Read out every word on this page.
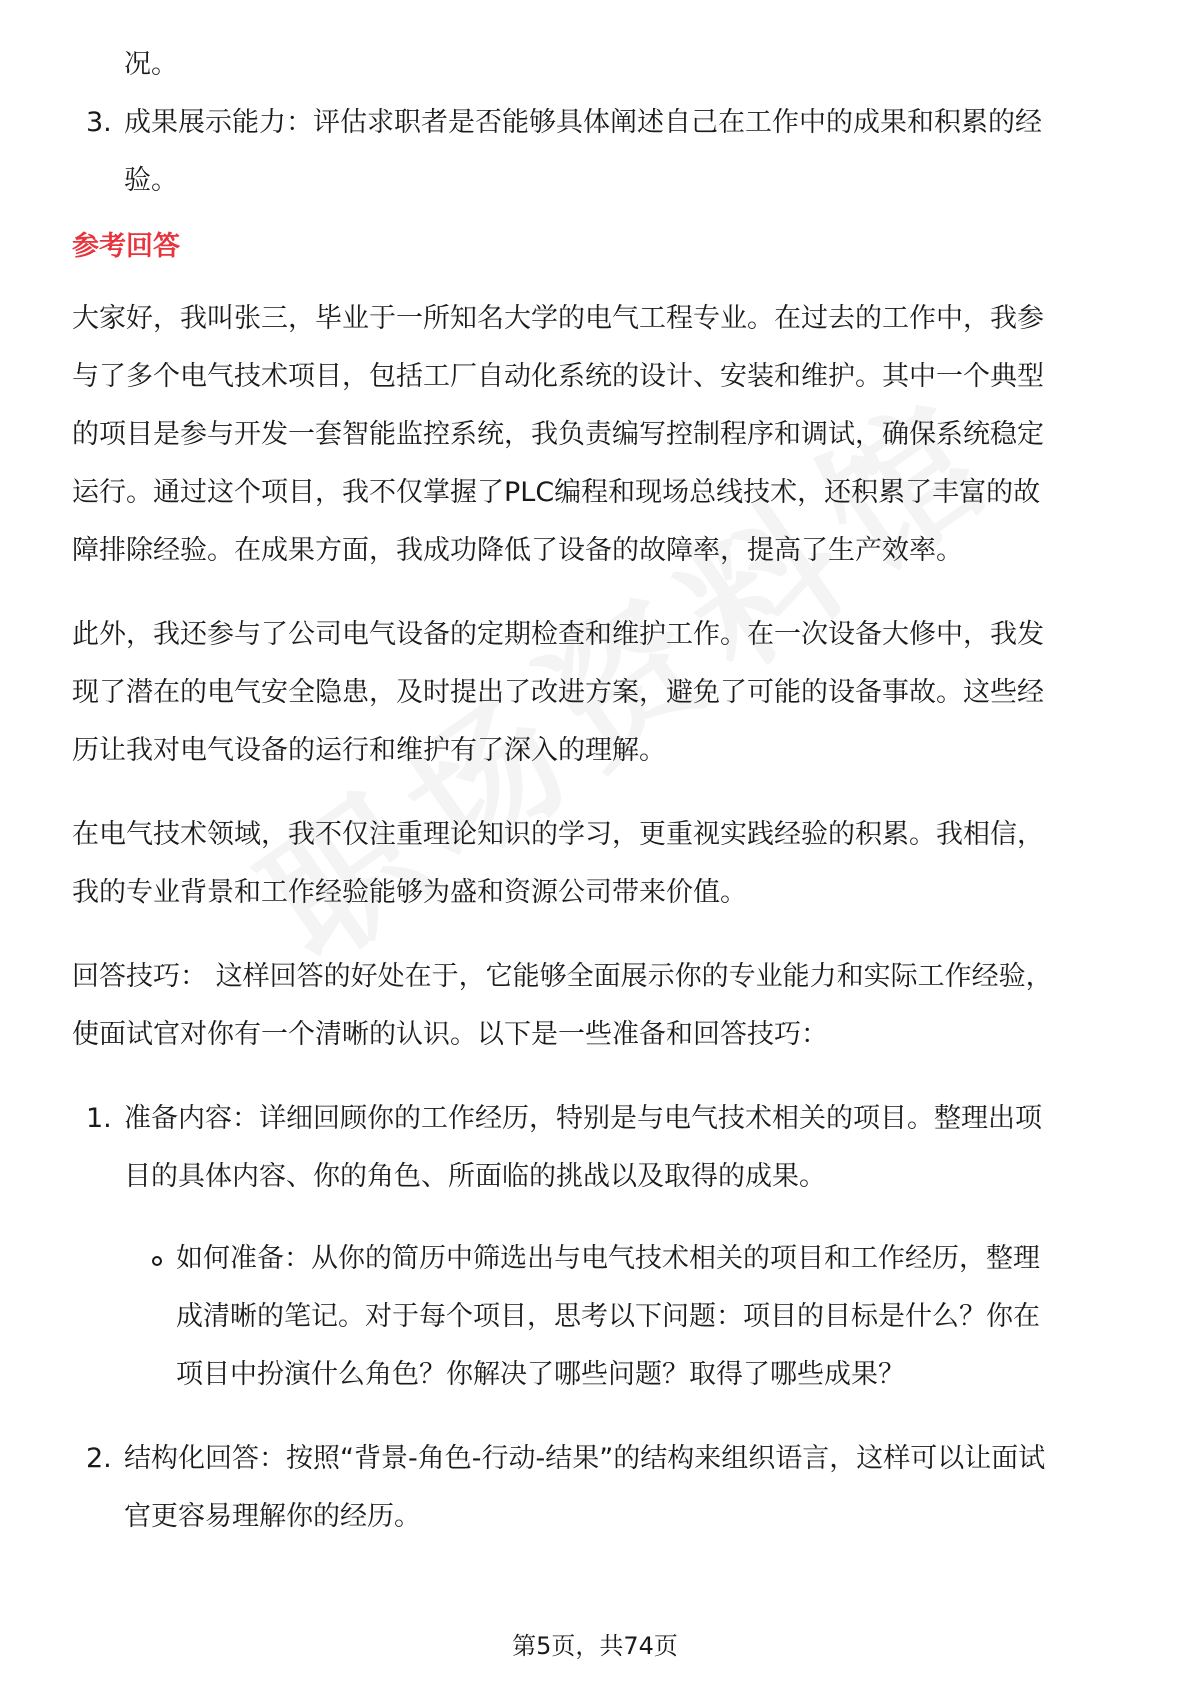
况。
3. 成果展示能力：评估求职者是否能够具体阐述自己在工作中的成果和积累的经
验。
参考回答
大家好，我叫张三，毕业于一所知名大学的电气工程专业。在过去的工作中，我参
与了多个电气技术项目，包括工厂自动化系统的设计、安装和维护。其中一个典型
的项目是参与开发一套智能监控系统，我负责编写控制程序和调试，确保系统稳定
运行。通过这个项目，我不仅掌握了PLC编程和现场总线技术，还积累了丰富的故
障排除经验。在成果方面，我成功降低了设备的故障率，提高了生产效率。
此外，我还参与了公司电气设备的定期检查和维护工作。在一次设备大修中，我发
现了潜在的电气安全隐患，及时提出了改进方案，避免了可能的设备事故。这些经
历让我对电气设备的运行和维护有了深入的理解。
在电气技术领域，我不仅注重理论知识的学习，更重视实践经验的积累。我相信，
我的专业背景和工作经验能够为盛和资源公司带来价值。
回答技巧： 这样回答的好处在于，它能够全面展示你的专业能力和实际工作经验，
使面试官对你有一个清晰的认识。以下是一些准备和回答技巧：
1. 准备内容：详细回顾你的工作经历，特别是与电气技术相关的项目。整理出项
目的具体内容、你的角色、所面临的挑战以及取得的成果。
如何准备：从你的简历中筛选出与电气技术相关的项目和工作经历，整理
成清晰的笔记。对于每个项目，思考以下问题：项目的目标是什么？你在
项目中扮演什么角色？你解决了哪些问题？取得了哪些成果？
2. 结构化回答：按照“背景-角色-行动-结果”的结构来组织语言，这样可以让面试
官更容易理解你的经历。
第5页，共74页
